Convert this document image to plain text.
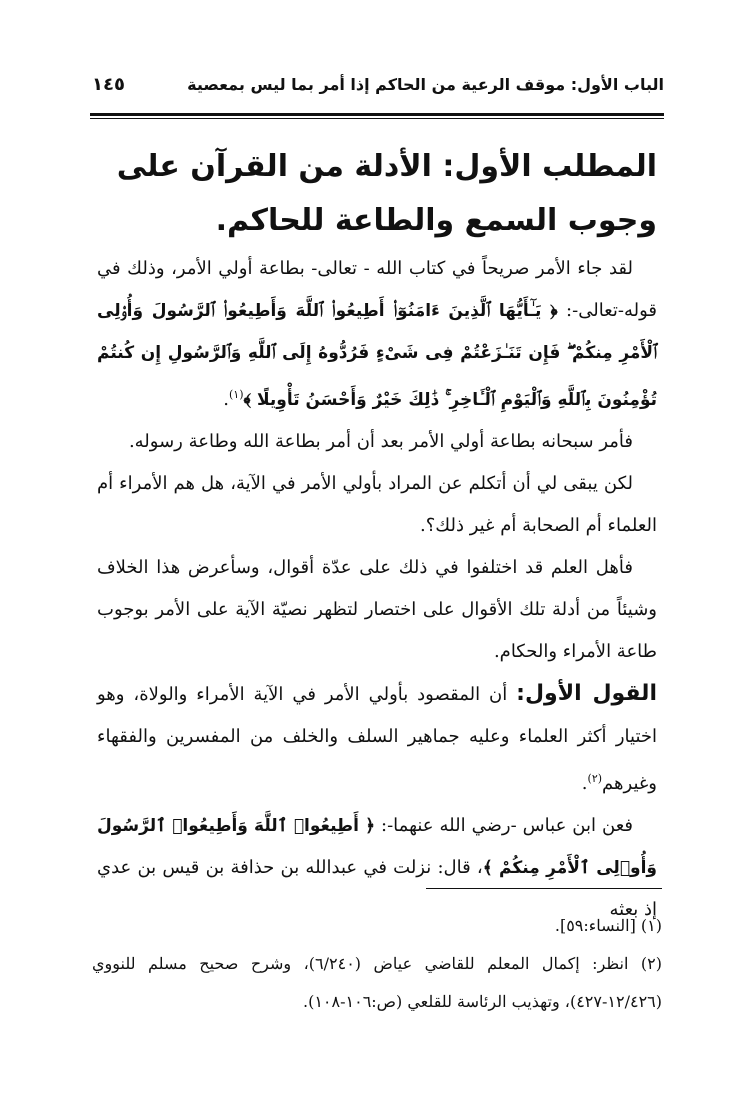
الباب الأول: موقف الرعية من الحاكم إذا أمر بما ليس بمعصية
١٤٥
المطلب الأول: الأدلة من القرآن على وجوب السمع والطاعة للحاكم.

لقد جاء الأمر صريحاً في كتاب الله - تعالى- بطاعة أولي الأمر، وذلك في قوله-تعالى-: ﴿ يَـٰٓأَيُّهَا ٱلَّذِينَ ءَامَنُوٓا۟ أَطِيعُوا۟ ٱللَّهَ وَأَطِيعُوا۟ ٱلرَّسُولَ وَأُو۟لِى ٱلْأَمْرِ مِنكُمْ ۖ فَإِن تَنَـٰزَعْتُمْ فِى شَىْءٍ فَرُدُّوهُ إِلَى ٱللَّهِ وَٱلرَّسُولِ إِن كُنتُمْ تُؤْمِنُونَ بِٱللَّهِ وَٱلْيَوْمِ ٱلْـَٔاخِرِ ۚ ذَٰلِكَ خَيْرٌ وَأَحْسَنُ تَأْوِيلًا ﴾$^{(١)}$.

فأمر سبحانه بطاعة أولي الأمر بعد أن أمر بطاعة الله وطاعة رسوله.

لكن يبقى لي أن أتكلم عن المراد بأولي الأمر في الآية، هل هم الأمراء أم العلماء أم الصحابة أم غير ذلك؟.

فأهل العلم قد اختلفوا في ذلك على عدّة أقوال، وسأعرض هذا الخلاف وشيئاً من أدلة تلك الأقوال على اختصار لتظهر نصيّة الآية على الأمر بوجوب طاعة الأمراء والحكام.

القول الأول: أن المقصود بأولي الأمر في الآية الأمراء والولاة، وهو اختيار أكثر العلماء وعليه جماهير السلف والخلف من المفسرين والفقهاء وغيرهم$^{(٢)}$.

فعن ابن عباس -رضي الله عنهما-: ﴿ أَطِيعُوا۟ ٱللَّهَ وَأَطِيعُوا۟ ٱلرَّسُولَ وَأُو۟لِى ٱلْأَمْرِ مِنكُمْ ﴾، قال: نزلت في عبدالله بن حذافة بن قيس بن عدي إذ بعثه

(١) [النساء:٥٩].

(٢) انظر: إكمال المعلم للقاضي عياض (٦/٢٤٠)، وشرح صحيح مسلم للنووي (١٢/٤٢٦-٤٢٧)، وتهذيب الرئاسة للقلعي (ص:١٠٦-١٠٨).
